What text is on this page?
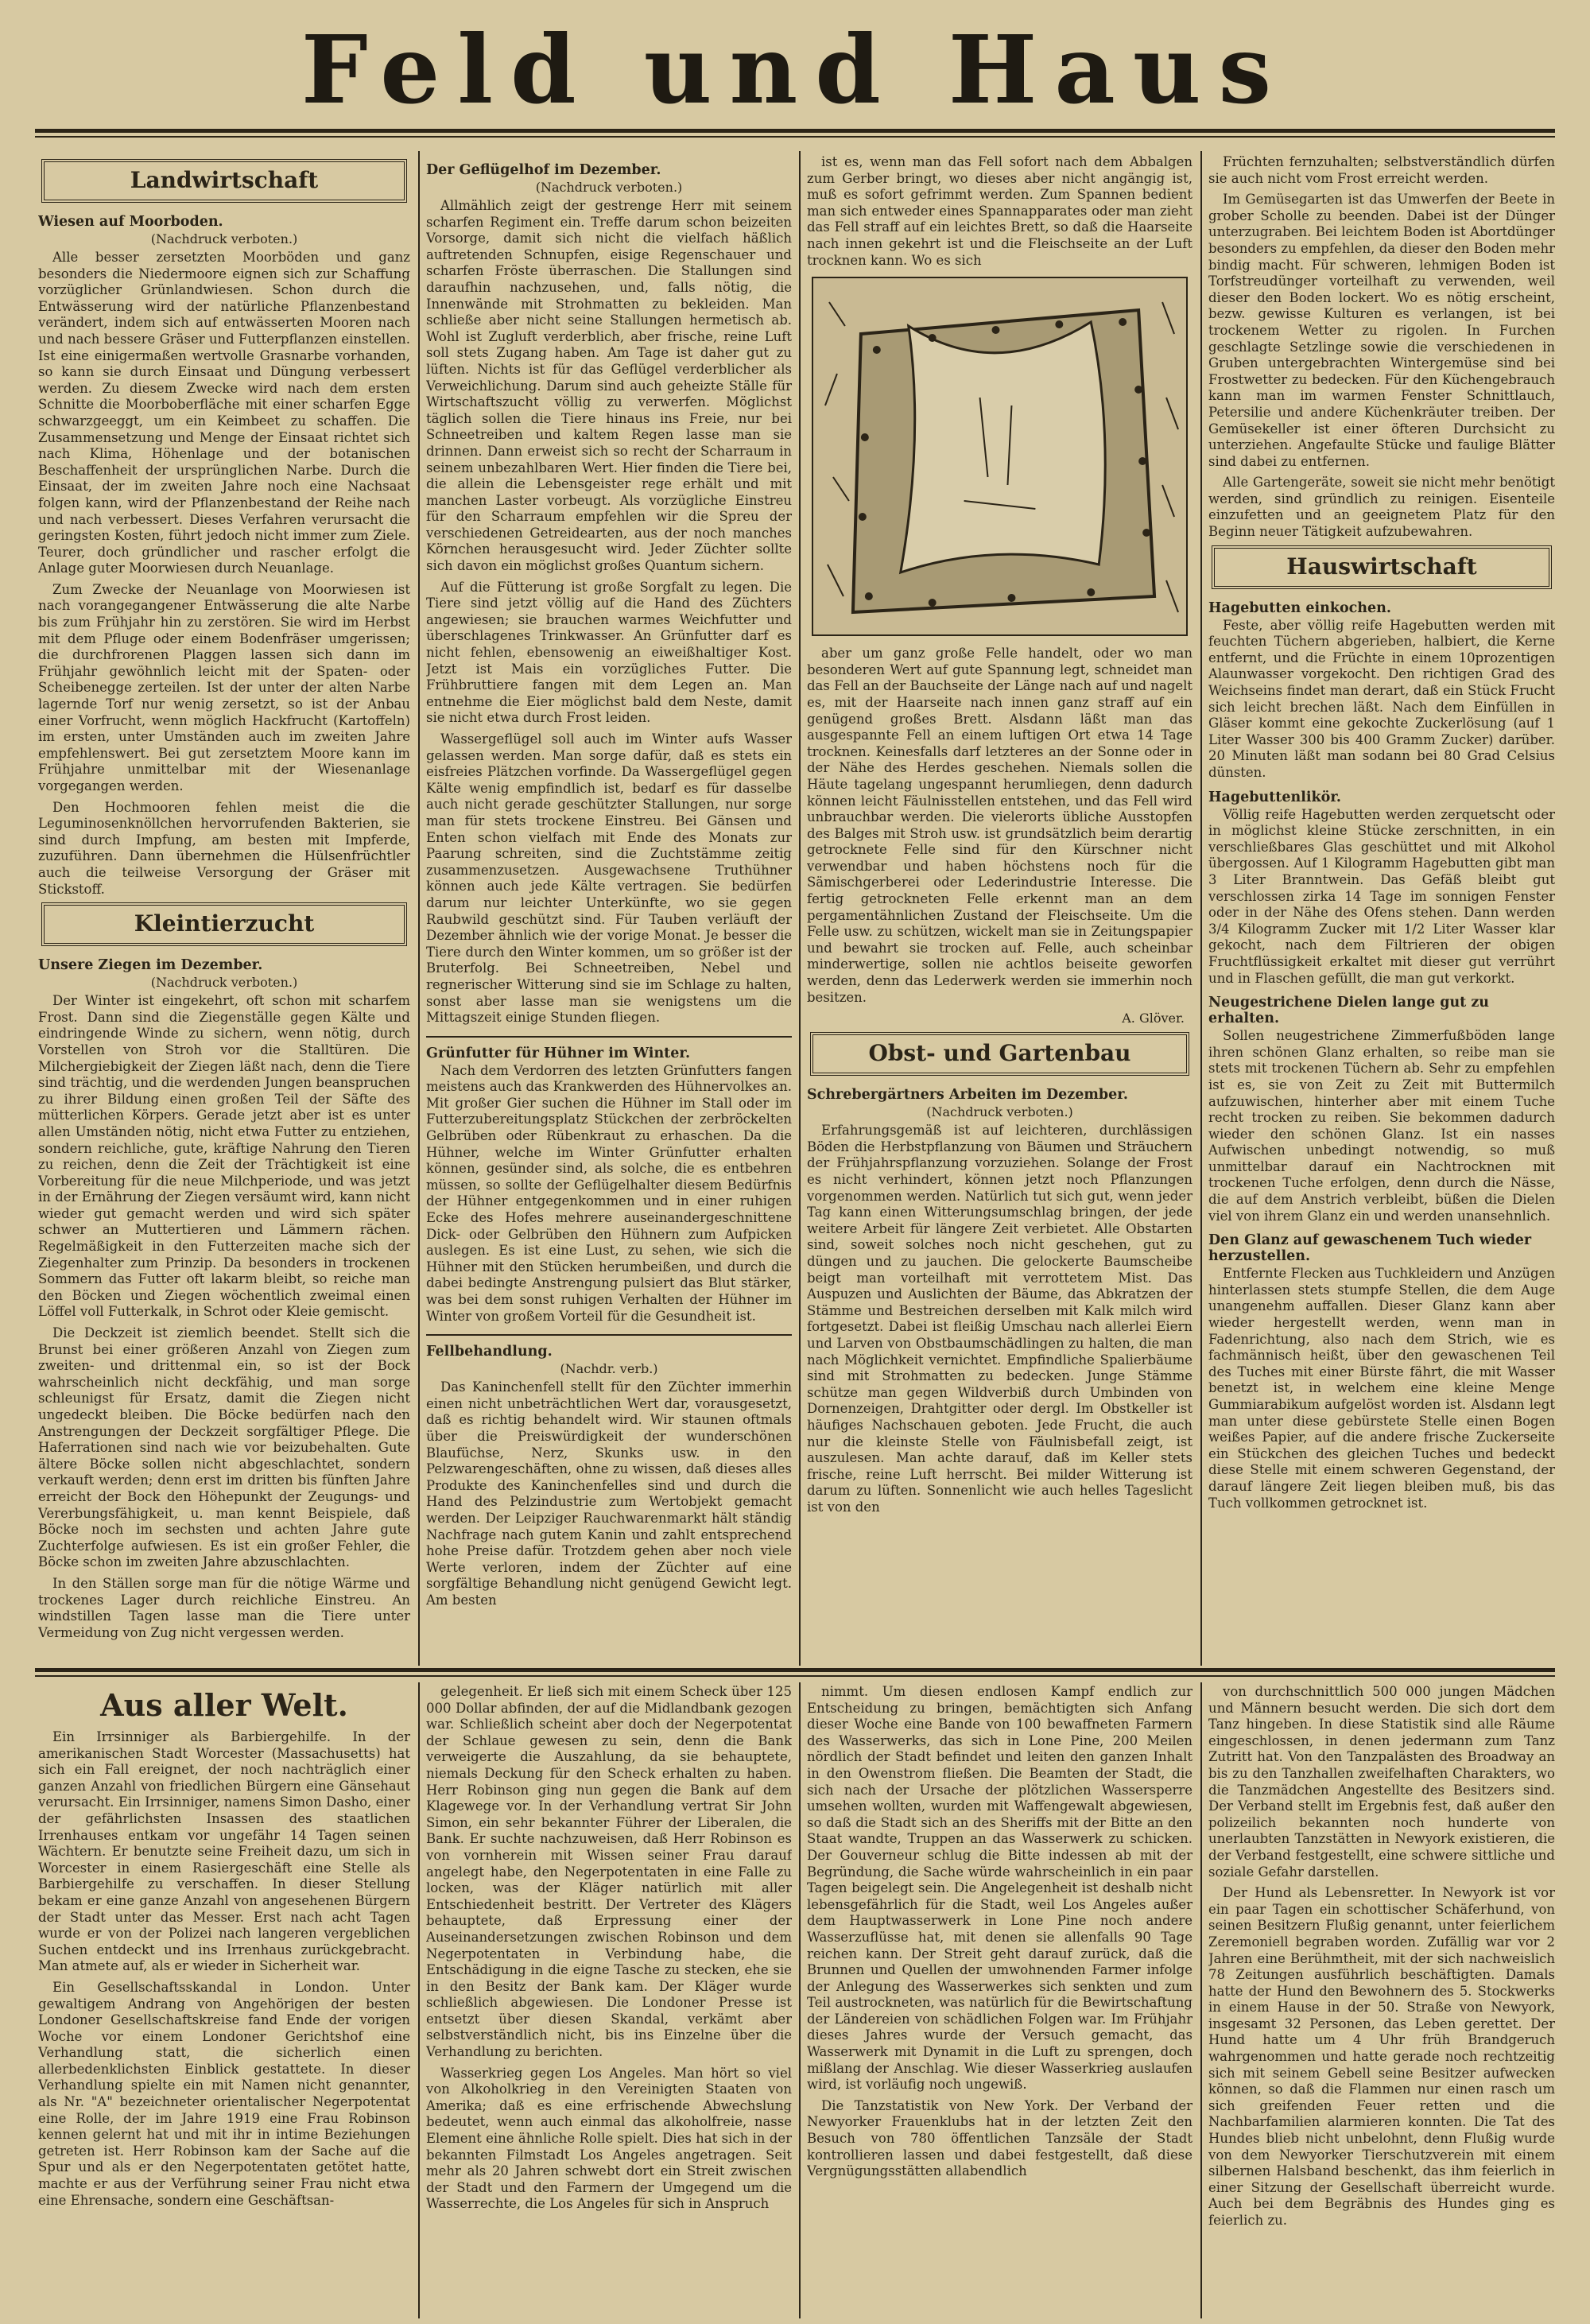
Feld und Haus
Landwirtschaft
Wiesen auf Moorboden.
(Nachdruck verboten.)

Alle besser zersetzten Moorböden und ganz besonders die Niedermoore eignen sich zur Schaffung vorzüglicher Grünlandwiesen. Schon durch die Entwässerung wird der natürliche Pflanzenbestand verändert, indem sich auf entwässerten Mooren nach und nach bessere Gräser und Futterpflanzen einstellen. Ist eine einigermaßen wertvolle Grasnarbe vorhanden, so kann sie durch Einsaat und Düngung verbessert werden. Zu diesem Zwecke wird nach dem ersten Schnitte die Moorboberfläche mit einer scharfen Egge schwarzgeeggt, um ein Keimbeet zu schaffen. Die Zusammensetzung und Menge der Einsaat richtet sich nach Klima, Höhenlage und der botanischen Beschaffenheit der ursprünglichen Narbe. Durch die Einsaat, der im zweiten Jahre noch eine Nachsaat folgen kann, wird der Pflanzenbestand der Reihe nach und nach verbessert. Dieses Verfahren verursacht die geringsten Kosten, führt jedoch nicht immer zum Ziele. Teurer, doch gründlicher und rascher erfolgt die Anlage guter Moorwiesen durch Neuanlage.

Zum Zwecke der Neuanlage von Moorwiesen ist nach vorangegangener Entwässerung die alte Narbe bis zum Frühjahr hin zu zerstören. Sie wird im Herbst mit dem Pfluge oder einem Bodenfräser umgerissen; die durchfrorenen Plaggen lassen sich dann im Frühjahr gewöhnlich leicht mit der Spaten- oder Scheibenegge zerteilen. Ist der unter der alten Narbe lagernde Torf nur wenig zersetzt, so ist der Anbau einer Vorfrucht, wenn möglich Hackfrucht (Kartoffeln) im ersten, unter Umständen auch im zweiten Jahre empfehlenswert. Bei gut zersetztem Moore kann im Frühjahre unmittelbar mit der Wiesenanlage vorgegangen werden.

Den Hochmooren fehlen meist die die Leguminosenknöllchen hervorrufenden Bakterien, sie sind durch Impfung, am besten mit Impferde, zuzuführen. Dann übernehmen die Hülsenfrüchtler auch die teilweise Versorgung der Gräser mit Stickstoff.

Kleintierzucht
Unsere Ziegen im Dezember.
(Nachdruck verboten.)

Der Winter ist eingekehrt, oft schon mit scharfem Frost. Dann sind die Ziegenställe gegen Kälte und eindringende Winde zu sichern, wenn nötig, durch Vorstellen von Stroh vor die Stalltüren. Die Milchergiebigkeit der Ziegen läßt nach, denn die Tiere sind trächtig, und die werdenden Jungen beanspruchen zu ihrer Bildung einen großen Teil der Säfte des mütterlichen Körpers. Gerade jetzt aber ist es unter allen Umständen nötig, nicht etwa Futter zu entziehen, sondern reichliche, gute, kräftige Nahrung den Tieren zu reichen, denn die Zeit der Trächtigkeit ist eine Vorbereitung für die neue Milchperiode, und was jetzt in der Ernährung der Ziegen versäumt wird, kann nicht wieder gut gemacht werden und wird sich später schwer an Muttertieren und Lämmern rächen. Regelmäßigkeit in den Futterzeiten mache sich der Ziegenhalter zum Prinzip. Da besonders in trockenen Sommern das Futter oft lakarm bleibt, so reiche man den Böcken und Ziegen wöchentlich zweimal einen Löffel voll Futterkalk, in Schrot oder Kleie gemischt.

Die Deckzeit ist ziemlich beendet. Stellt sich die Brunst bei einer größeren Anzahl von Ziegen zum zweiten- und drittenmal ein, so ist der Bock wahrscheinlich nicht deckfähig, und man sorge schleunigst für Ersatz, damit die Ziegen nicht ungedeckt bleiben. Die Böcke bedürfen nach den Anstrengungen der Deckzeit sorgfältiger Pflege. Die Haferrationen sind nach wie vor beizubehalten. Gute ältere Böcke sollen nicht abgeschlachtet, sondern verkauft werden; denn erst im dritten bis fünften Jahre erreicht der Bock den Höhepunkt der Zeugungs- und Vererbungsfähigkeit, u. man kennt Beispiele, daß Böcke noch im sechsten und achten Jahre gute Zuchterfolge aufwiesen. Es ist ein großer Fehler, die Böcke schon im zweiten Jahre abzuschlachten.

In den Ställen sorge man für die nötige Wärme und trockenes Lager durch reichliche Einstreu. An windstillen Tagen lasse man die Tiere unter Vermeidung von Zug nicht vergessen werden.

Der Geflügelhof im Dezember.
(Nachdruck verboten.)

Allmählich zeigt der gestrenge Herr mit seinem scharfen Regiment ein. Treffe darum schon beizeiten Vorsorge, damit sich nicht die vielfach häßlich auftretenden Schnupfen, eisige Regenschauer und scharfen Fröste überraschen. Die Stallungen sind daraufhin nachzusehen, und, falls nötig, die Innenwände mit Strohmatten zu bekleiden. Man schließe aber nicht seine Stallungen hermetisch ab. Wohl ist Zugluft verderblich, aber frische, reine Luft soll stets Zugang haben. Am Tage ist daher gut zu lüften. Nichts ist für das Geflügel verderblicher als Verweichlichung. Darum sind auch geheizte Ställe für Wirtschaftszucht völlig zu verwerfen. Möglichst täglich sollen die Tiere hinaus ins Freie, nur bei Schneetreiben und kaltem Regen lasse man sie drinnen. Dann erweist sich so recht der Scharraum in seinem unbezahlbaren Wert. Hier finden die Tiere bei, die allein die Lebensgeister rege erhält und mit manchen Laster vorbeugt. Als vorzügliche Einstreu für den Scharraum empfehlen wir die Spreu der verschiedenen Getreidearten, aus der noch manches Körnchen herausgesucht wird. Jeder Züchter sollte sich davon ein möglichst großes Quantum sichern.

Auf die Fütterung ist große Sorgfalt zu legen. Die Tiere sind jetzt völlig auf die Hand des Züchters angewiesen; sie brauchen warmes Weichfutter und überschlagenes Trinkwasser. An Grünfutter darf es nicht fehlen, ebensowenig an eiweißhaltiger Kost. Jetzt ist Mais ein vorzügliches Futter. Die Frühbruttiere fangen mit dem Legen an. Man entnehme die Eier möglichst bald dem Neste, damit sie nicht etwa durch Frost leiden.

Wassergeflügel soll auch im Winter aufs Wasser gelassen werden. Man sorge dafür, daß es stets ein eisfreies Plätzchen vorfinde. Da Wassergeflügel gegen Kälte wenig empfindlich ist, bedarf es für dasselbe auch nicht gerade geschützter Stallungen, nur sorge man für stets trockene Einstreu. Bei Gänsen und Enten schon vielfach mit Ende des Monats zur Paarung schreiten, sind die Zuchtstämme zeitig zusammenzusetzen. Ausgewachsene Truthühner können auch jede Kälte vertragen. Sie bedürfen darum nur leichter Unterkünfte, wo sie gegen Raubwild geschützt sind. Für Tauben verläuft der Dezember ähnlich wie der vorige Monat. Je besser die Tiere durch den Winter kommen, um so größer ist der Bruterfolg. Bei Schneetreiben, Nebel und regnerischer Witterung sind sie im Schlage zu halten, sonst aber lasse man sie wenigstens um die Mittagszeit einige Stunden fliegen.

Grünfutter für Hühner im Winter.

Nach dem Verdorren des letzten Grünfutters fangen meistens auch das Krankwerden des Hühnervolkes an. Mit großer Gier suchen die Hühner im Stall oder im Futterzubereitungsplatz Stückchen der zerbröckelten Gelbrüben oder Rübenkraut zu erhaschen. Da die Hühner, welche im Winter Grünfutter erhalten können, gesünder sind, als solche, die es entbehren müssen, so sollte der Geflügelhalter diesem Bedürfnis der Hühner entgegenkommen und in einer ruhigen Ecke des Hofes mehrere auseinandergeschnittene Dick- oder Gelbrüben den Hühnern zum Aufpicken auslegen. Es ist eine Lust, zu sehen, wie sich die Hühner mit den Stücken herumbeißen, und durch die dabei bedingte Anstrengung pulsiert das Blut stärker, was bei dem sonst ruhigen Verhalten der Hühner im Winter von großem Vorteil für die Gesundheit ist.

Fellbehandlung.
(Nachdr. verb.)

Das Kaninchenfell stellt für den Züchter immerhin einen nicht unbeträchtlichen Wert dar, vorausgesetzt, daß es richtig behandelt wird. Wir staunen oftmals über die Preiswürdigkeit der wunderschönen Blaufüchse, Nerz, Skunks usw. in den Pelzwarengeschäften, ohne zu wissen, daß dieses alles Produkte des Kaninchenfelles sind und durch die Hand des Pelzindustrie zum Wertobjekt gemacht werden. Der Leipziger Rauchwarenmarkt hält ständig Nachfrage nach gutem Kanin und zahlt entsprechend hohe Preise dafür. Trotzdem gehen aber noch viele Werte verloren, indem der Züchter auf eine sorgfältige Behandlung nicht genügend Gewicht legt. Am besten

ist es, wenn man das Fell sofort nach dem Abbalgen zum Gerber bringt, wo dieses aber nicht angängig ist, muß es sofort gefrimmt werden. Zum Spannen bedient man sich entweder eines Spannapparates oder man zieht das Fell straff auf ein leichtes Brett, so daß die Haarseite nach innen gekehrt ist und die Fleischseite an der Luft trocknen kann. Wo es sich

aber um ganz große Felle handelt, oder wo man besonderen Wert auf gute Spannung legt, schneidet man das Fell an der Bauchseite der Länge nach auf und nagelt es, mit der Haarseite nach innen ganz straff auf ein genügend großes Brett. Alsdann läßt man das ausgespannte Fell an einem luftigen Ort etwa 14 Tage trocknen. Keinesfalls darf letzteres an der Sonne oder in der Nähe des Herdes geschehen. Niemals sollen die Häute tagelang ungespannt herumliegen, denn dadurch können leicht Fäulnisstellen entstehen, und das Fell wird unbrauchbar werden. Die vielerorts übliche Ausstopfen des Balges mit Stroh usw. ist grundsätzlich beim derartig getrocknete Felle sind für den Kürschner nicht verwendbar und haben höchstens noch für die Sämischgerberei oder Lederindustrie Interesse. Die fertig getrockneten Felle erkennt man an dem pergamentähnlichen Zustand der Fleischseite. Um die Felle usw. zu schützen, wickelt man sie in Zeitungspapier und bewahrt sie trocken auf. Felle, auch scheinbar minderwertige, sollen nie achtlos beiseite geworfen werden, denn das Lederwerk werden sie immerhin noch besitzen.

A. Glöver.
Obst- und Gartenbau
Schrebergärtners Arbeiten im Dezember.
(Nachdruck verboten.)

Erfahrungsgemäß ist auf leichteren, durchlässigen Böden die Herbstpflanzung von Bäumen und Sträuchern der Frühjahrspflanzung vorzuziehen. Solange der Frost es nicht verhindert, können jetzt noch Pflanzungen vorgenommen werden. Natürlich tut sich gut, wenn jeder Tag kann einen Witterungsumschlag bringen, der jede weitere Arbeit für längere Zeit verbietet. Alle Obstarten sind, soweit solches noch nicht geschehen, gut zu düngen und zu jauchen. Die gelockerte Baumscheibe beigt man vorteilhaft mit verrottetem Mist. Das Auspuzen und Auslichten der Bäume, das Abkratzen der Stämme und Bestreichen derselben mit Kalk milch wird fortgesetzt. Dabei ist fleißig Umschau nach allerlei Eiern und Larven von Obstbaumschädlingen zu halten, die man nach Möglichkeit vernichtet. Empfindliche Spalierbäume sind mit Strohmatten zu bedecken. Junge Stämme schütze man gegen Wildverbiß durch Umbinden von Dornenzeigen, Drahtgitter oder dergl. Im Obstkeller ist häufiges Nachschauen geboten. Jede Frucht, die auch nur die kleinste Stelle von Fäulnisbefall zeigt, ist auszulesen. Man achte darauf, daß im Keller stets frische, reine Luft herrscht. Bei milder Witterung ist darum zu lüften. Sonnenlicht wie auch helles Tageslicht ist von den

Früchten fernzuhalten; selbstverständlich dürfen sie auch nicht vom Frost erreicht werden.

Im Gemüsegarten ist das Umwerfen der Beete in grober Scholle zu beenden. Dabei ist der Dünger unterzugraben. Bei leichtem Boden ist Abortdünger besonders zu empfehlen, da dieser den Boden mehr bindig macht. Für schweren, lehmigen Boden ist Torfstreudünger vorteilhaft zu verwenden, weil dieser den Boden lockert. Wo es nötig erscheint, bezw. gewisse Kulturen es verlangen, ist bei trockenem Wetter zu rigolen. In Furchen geschlagte Setzlinge sowie die verschiedenen in Gruben untergebrachten Wintergemüse sind bei Frostwetter zu bedecken. Für den Küchengebrauch kann man im warmen Fenster Schnittlauch, Petersilie und andere Küchenkräuter treiben. Der Gemüsekeller ist einer öfteren Durchsicht zu unterziehen. Angefaulte Stücke und faulige Blätter sind dabei zu entfernen.

Alle Gartengeräte, soweit sie nicht mehr benötigt werden, sind gründlich zu reinigen. Eisenteile einzufetten und an geeignetem Platz für den Beginn neuer Tätigkeit aufzubewahren.

Hauswirtschaft
Hagebutten einkochen.

Feste, aber völlig reife Hagebutten werden mit feuchten Tüchern abgerieben, halbiert, die Kerne entfernt, und die Früchte in einem 10prozentigen Alaunwasser vorgekocht. Den richtigen Grad des Weichseins findet man derart, daß ein Stück Frucht sich leicht brechen läßt. Nach dem Einfüllen in Gläser kommt eine gekochte Zuckerlösung (auf 1 Liter Wasser 300 bis 400 Gramm Zucker) darüber. 20 Minuten läßt man sodann bei 80 Grad Celsius dünsten.

Hagebuttenlikör.

Völlig reife Hagebutten werden zerquetscht oder in möglichst kleine Stücke zerschnitten, in ein verschließbares Glas geschüttet und mit Alkohol übergossen. Auf 1 Kilogramm Hagebutten gibt man 3 Liter Branntwein. Das Gefäß bleibt gut verschlossen zirka 14 Tage im sonnigen Fenster oder in der Nähe des Ofens stehen. Dann werden 3/4 Kilogramm Zucker mit 1/2 Liter Wasser klar gekocht, nach dem Filtrieren der obigen Fruchtflüssigkeit erkaltet mit dieser gut verrührt und in Flaschen gefüllt, die man gut verkorkt.

Neugestrichene Dielen lange gut zu erhalten.

Sollen neugestrichene Zimmerfußböden lange ihren schönen Glanz erhalten, so reibe man sie stets mit trockenen Tüchern ab. Sehr zu empfehlen ist es, sie von Zeit zu Zeit mit Buttermilch aufzuwischen, hinterher aber mit einem Tuche recht trocken zu reiben. Sie bekommen dadurch wieder den schönen Glanz. Ist ein nasses Aufwischen unbedingt notwendig, so muß unmittelbar darauf ein Nachtrocknen mit trockenen Tuche erfolgen, denn durch die Nässe, die auf dem Anstrich verbleibt, büßen die Dielen viel von ihrem Glanz ein und werden unansehnlich.

Den Glanz auf gewaschenem Tuch wieder herzustellen.

Entfernte Flecken aus Tuchkleidern und Anzügen hinterlassen stets stumpfe Stellen, die dem Auge unangenehm auffallen. Dieser Glanz kann aber wieder hergestellt werden, wenn man in Fadenrichtung, also nach dem Strich, wie es fachmännisch heißt, über den gewaschenen Teil des Tuches mit einer Bürste fährt, die mit Wasser benetzt ist, in welchem eine kleine Menge Gummiarabikum aufgelöst worden ist. Alsdann legt man unter diese gebürstete Stelle einen Bogen weißes Papier, auf die andere frische Zuckerseite ein Stückchen des gleichen Tuches und bedeckt diese Stelle mit einem schweren Gegenstand, der darauf längere Zeit liegen bleiben muß, bis das Tuch vollkommen getrocknet ist.

Aus aller Welt.

Ein Irrsinniger als Barbiergehilfe. In der amerikanischen Stadt Worcester (Massachusetts) hat sich ein Fall ereignet, der noch nachträglich einer ganzen Anzahl von friedlichen Bürgern eine Gänsehaut verursacht. Ein Irrsinniger, namens Simon Dasho, einer der gefährlichsten Insassen des staatlichen Irrenhauses entkam vor ungefähr 14 Tagen seinen Wächtern. Er benutzte seine Freiheit dazu, um sich in Worcester in einem Rasiergeschäft eine Stelle als Barbiergehilfe zu verschaffen. In dieser Stellung bekam er eine ganze Anzahl von angesehenen Bürgern der Stadt unter das Messer. Erst nach acht Tagen wurde er von der Polizei nach langeren vergeblichen Suchen entdeckt und ins Irrenhaus zurückgebracht. Man atmete auf, als er wieder in Sicherheit war.

Ein Gesellschaftsskandal in London. Unter gewaltigem Andrang von Angehörigen der besten Londoner Gesellschaftskreise fand Ende der vorigen Woche vor einem Londoner Gerichtshof eine Verhandlung statt, die sicherlich einen allerbedenklichsten Einblick gestattete. In dieser Verhandlung spielte ein mit Namen nicht genannter, als Nr. "A" bezeichneter orientalischer Negerpotentat eine Rolle, der im Jahre 1919 eine Frau Robinson kennen gelernt hat und mit ihr in intime Beziehungen getreten ist. Herr Robinson kam der Sache auf die Spur und als er den Negerpotentaten getötet hatte, machte er aus der Verführung seiner Frau nicht etwa eine Ehrensache, sondern eine Geschäftsan-

gelegenheit. Er ließ sich mit einem Scheck über 125 000 Dollar abfinden, der auf die Midlandbank gezogen war. Schließlich scheint aber doch der Negerpotentat der Schlaue gewesen zu sein, denn die Bank verweigerte die Auszahlung, da sie behauptete, niemals Deckung für den Scheck erhalten zu haben. Herr Robinson ging nun gegen die Bank auf dem Klagewege vor. In der Verhandlung vertrat Sir John Simon, ein sehr bekannter Führer der Liberalen, die Bank. Er suchte nachzuweisen, daß Herr Robinson es von vornherein mit Wissen seiner Frau darauf angelegt habe, den Negerpotentaten in eine Falle zu locken, was der Kläger natürlich mit aller Entschiedenheit bestritt. Der Vertreter des Klägers behauptete, daß Erpressung einer der Auseinandersetzungen zwischen Robinson und dem Negerpotentaten in Verbindung habe, die Entschädigung in die eigne Tasche zu stecken, ehe sie in den Besitz der Bank kam. Der Kläger wurde schließlich abgewiesen. Die Londoner Presse ist entsetzt über diesen Skandal, verkämt aber selbstverständlich nicht, bis ins Einzelne über die Verhandlung zu berichten.

Wasserkrieg gegen Los Angeles. Man hört so viel von Alkoholkrieg in den Vereinigten Staaten von Amerika; daß es eine erfrischende Abwechslung bedeutet, wenn auch einmal das alkoholfreie, nasse Element eine ähnliche Rolle spielt. Dies hat sich in der bekannten Filmstadt Los Angeles angetragen. Seit mehr als 20 Jahren schwebt dort ein Streit zwischen der Stadt und den Farmern der Umgegend um die Wasserrechte, die Los Angeles für sich in Anspruch

nimmt. Um diesen endlosen Kampf endlich zur Entscheidung zu bringen, bemächtigten sich Anfang dieser Woche eine Bande von 100 bewaffneten Farmern des Wasserwerks, das sich in Lone Pine, 200 Meilen nördlich der Stadt befindet und leiten den ganzen Inhalt in den Owenstrom fließen. Die Beamten der Stadt, die sich nach der Ursache der plötzlichen Wassersperre umsehen wollten, wurden mit Waffengewalt abgewiesen, so daß die Stadt sich an des Sheriffs mit der Bitte an den Staat wandte, Truppen an das Wasserwerk zu schicken. Der Gouverneur schlug die Bitte indessen ab mit der Begründung, die Sache würde wahrscheinlich in ein paar Tagen beigelegt sein. Die Angelegenheit ist deshalb nicht lebensgefährlich für die Stadt, weil Los Angeles außer dem Hauptwasserwerk in Lone Pine noch andere Wasserzuflüsse hat, mit denen sie allenfalls 90 Tage reichen kann. Der Streit geht darauf zurück, daß die Brunnen und Quellen der umwohnenden Farmer infolge der Anlegung des Wasserwerkes sich senkten und zum Teil austrockneten, was natürlich für die Bewirtschaftung der Ländereien von schädlichen Folgen war. Im Frühjahr dieses Jahres wurde der Versuch gemacht, das Wasserwerk mit Dynamit in die Luft zu sprengen, doch mißlang der Anschlag. Wie dieser Wasserkrieg auslaufen wird, ist vorläufig noch ungewiß.

Die Tanzstatistik von New York. Der Verband der Newyorker Frauenklubs hat in der letzten Zeit den Besuch von 780 öffentlichen Tanzsäle der Stadt kontrollieren lassen und dabei festgestellt, daß diese Vergnügungsstätten allabendlich

von durchschnittlich 500 000 jungen Mädchen und Männern besucht werden. Die sich dort dem Tanz hingeben. In diese Statistik sind alle Räume eingeschlossen, in denen jedermann zum Tanz Zutritt hat. Von den Tanzpalästen des Broadway an bis zu den Tanzhallen zweifelhaften Charakters, wo die Tanzmädchen Angestellte des Besitzers sind. Der Verband stellt im Ergebnis fest, daß außer den polizeilich bekannten noch hunderte von unerlaubten Tanzstätten in Newyork existieren, die der Verband festgestellt, eine schwere sittliche und soziale Gefahr darstellen.

Der Hund als Lebensretter. In Newyork ist vor ein paar Tagen ein schottischer Schäferhund, von seinen Besitzern Flußig genannt, unter feierlichem Zeremoniell begraben worden. Zufällig war vor 2 Jahren eine Berühmtheit, mit der sich nachweislich 78 Zeitungen ausführlich beschäftigten. Damals hatte der Hund den Bewohnern des 5. Stockwerks in einem Hause in der 50. Straße von Newyork, insgesamt 32 Personen, das Leben gerettet. Der Hund hatte um 4 Uhr früh Brandgeruch wahrgenommen und hatte gerade noch rechtzeitig sich mit seinem Gebell seine Besitzer aufwecken können, so daß die Flammen nur einen rasch um sich greifenden Feuer retten und die Nachbarfamilien alarmieren konnten. Die Tat des Hundes blieb nicht unbelohnt, denn Flußig wurde von dem Newyorker Tierschutzverein mit einem silbernen Halsband beschenkt, das ihm feierlich in einer Sitzung der Gesellschaft überreicht wurde. Auch bei dem Begräbnis des Hundes ging es feierlich zu.
